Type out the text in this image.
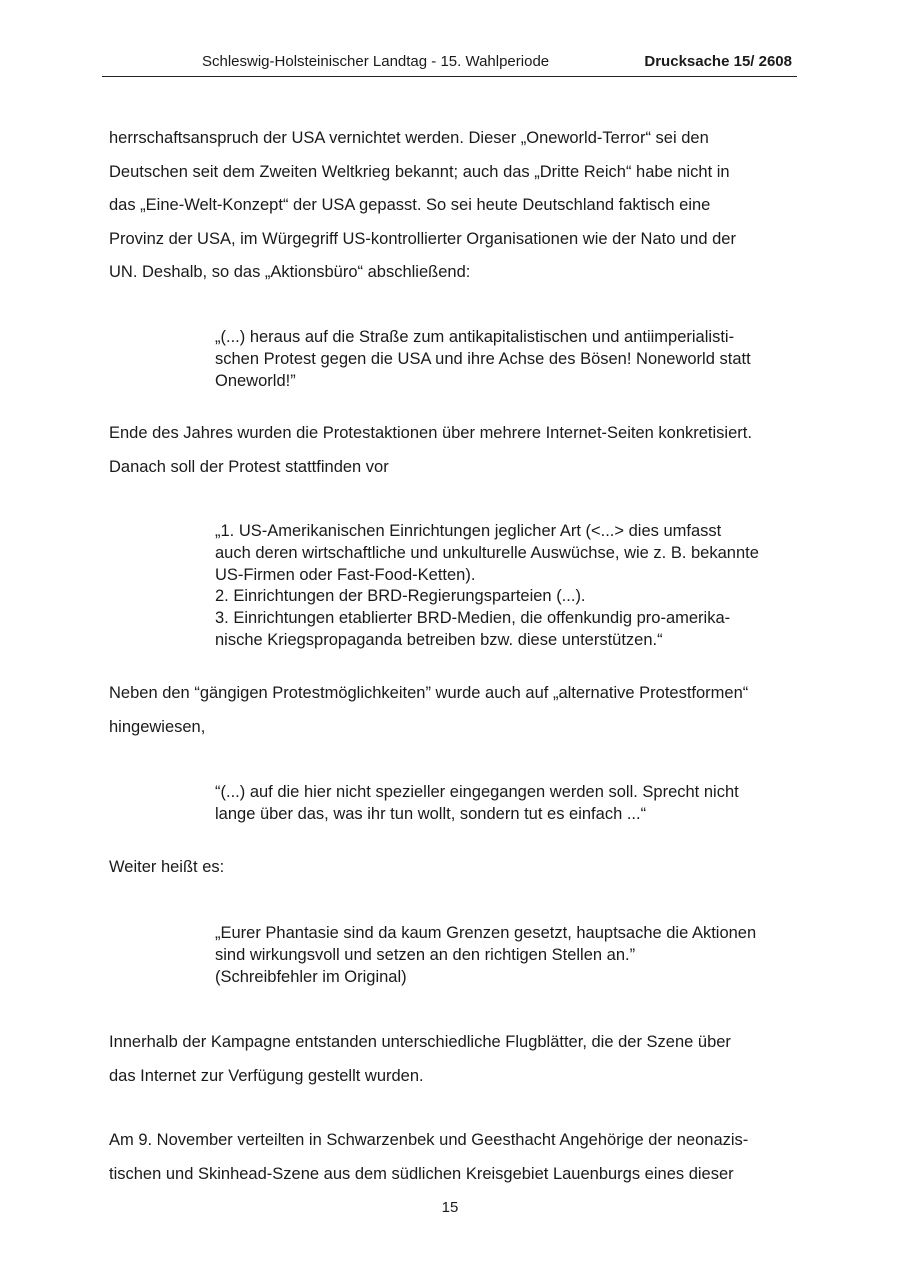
Schleswig-Holsteinischer Landtag - 15. Wahlperiode	Drucksache 15/ 2608

herrschaftsanspruch der USA vernichtet werden. Dieser „Oneworld-Terror“ sei den
Deutschen seit dem Zweiten Weltkrieg bekannt; auch das „Dritte Reich“ habe nicht in
das „Eine-Welt-Konzept“ der USA gepasst. So sei heute Deutschland faktisch eine
Provinz der USA, im Würgegriff US-kontrollierter Organisationen wie der Nato und der
UN. Deshalb, so das „Aktionsbüro“ abschließend:

„(...) heraus auf die Straße zum antikapitalistischen und antiimperialisti-
schen Protest gegen die USA und ihre Achse des Bösen! Noneworld statt
Oneworld!”

Ende des Jahres wurden die Protestaktionen über mehrere Internet-Seiten konkretisiert.
Danach soll der Protest stattfinden vor

„1. US-Amerikanischen Einrichtungen jeglicher Art (<...> dies umfasst
auch deren wirtschaftliche und unkulturelle Auswüchse, wie z. B. bekannte
US-Firmen oder Fast-Food-Ketten).
2. Einrichtungen der BRD-Regierungsparteien (...).
3. Einrichtungen etablierter BRD-Medien, die offenkundig pro-amerika-
nische Kriegspropaganda betreiben bzw. diese unterstützen.“

Neben den “gängigen Protestmöglichkeiten” wurde auch auf „alternative Protestformen“
hingewiesen,

“(...) auf die hier nicht spezieller eingegangen werden soll. Sprecht nicht
lange über das, was ihr tun wollt, sondern tut es einfach ...“

Weiter heißt es:

„Eurer Phantasie sind da kaum Grenzen gesetzt, hauptsache die Aktionen
sind wirkungsvoll und setzen an den richtigen Stellen an.”
(Schreibfehler im Original)

Innerhalb der Kampagne entstanden unterschiedliche Flugblätter, die der Szene über
das Internet zur Verfügung gestellt wurden.

Am 9. November verteilten in Schwarzenbek und Geesthacht Angehörige der neonazis-
tischen und Skinhead-Szene aus dem südlichen Kreisgebiet Lauenburgs eines dieser

15
